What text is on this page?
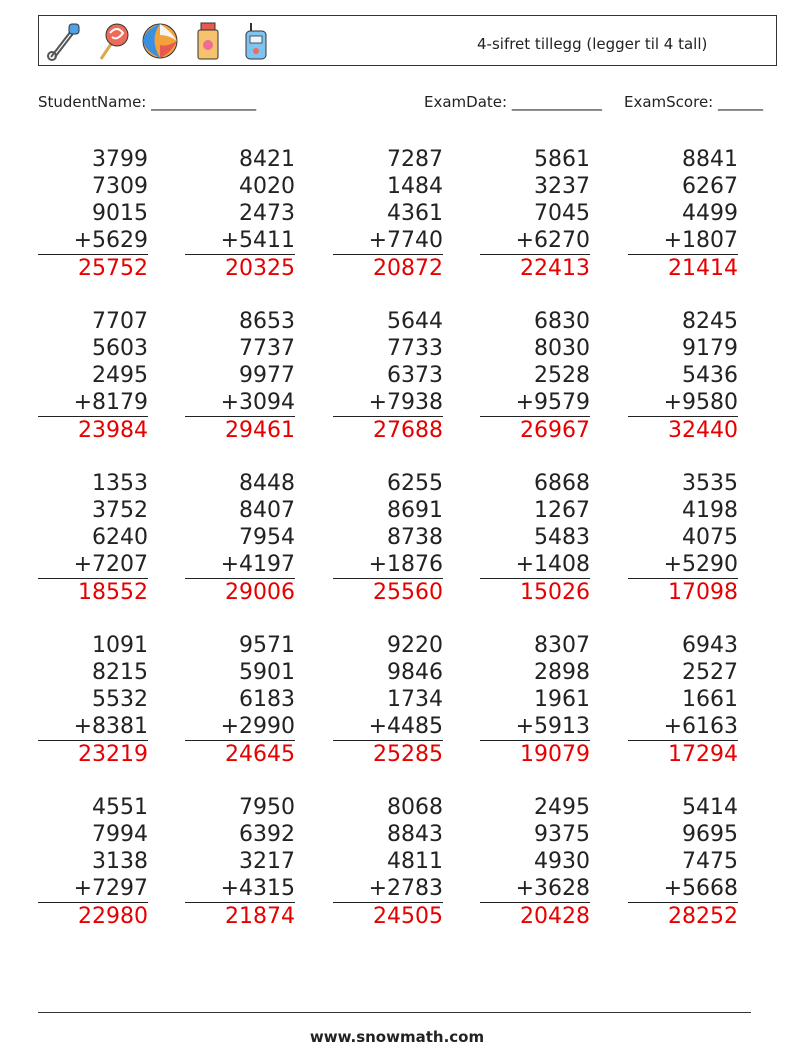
4-sifret tillegg (legger til 4 tall)
StudentName: ______________	ExamDate: ____________ ExamScore: ______
3799
7309
9015
+5629
25752
8421
4020
2473
+5411
20325
7287
1484
4361
+7740
20872
5861
3237
7045
+6270
22413
8841
6267
4499
+1807
21414
7707
5603
2495
+8179
23984
8653
7737
9977
+3094
29461
5644
7733
6373
+7938
27688
6830
8030
2528
+9579
26967
8245
9179
5436
+9580
32440
1353
3752
6240
+7207
18552
8448
8407
7954
+4197
29006
6255
8691
8738
+1876
25560
6868
1267
5483
+1408
15026
3535
4198
4075
+5290
17098
1091
8215
5532
+8381
23219
9571
5901
6183
+2990
24645
9220
9846
1734
+4485
25285
8307
2898
1961
+5913
19079
6943
2527
1661
+6163
17294
4551
7994
3138
+7297
22980
7950
6392
3217
+4315
21874
8068
8843
4811
+2783
24505
2495
9375
4930
+3628
20428
5414
9695
7475
+5668
28252
www.snowmath.com
